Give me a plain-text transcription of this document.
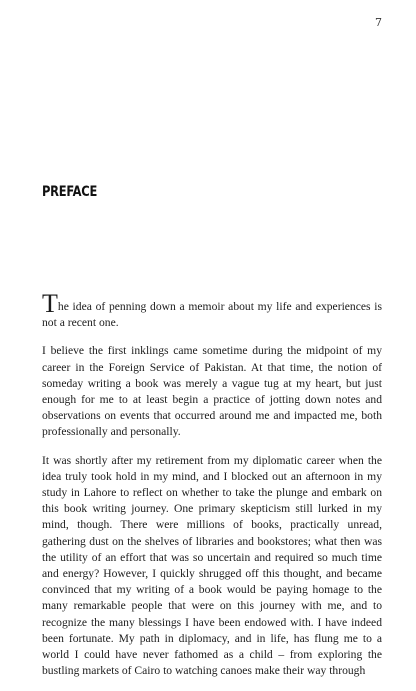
7
PREFACE

The idea of penning down a memoir about my life and experiences is not a recent one.

I believe the first inklings came sometime during the midpoint of my career in the Foreign Service of Pakistan. At that time, the notion of someday writing a book was merely a vague tug at my heart, but just enough for me to at least begin a practice of jotting down notes and observations on events that occurred around me and impacted me, both professionally and personally.

It was shortly after my retirement from my diplomatic career when the idea truly took hold in my mind, and I blocked out an afternoon in my study in Lahore to reflect on whether to take the plunge and embark on this book writing journey. One primary skepticism still lurked in my mind, though. There were millions of books, practically unread, gathering dust on the shelves of libraries and bookstores; what then was the utility of an effort that was so uncertain and required so much time and energy? However, I quickly shrugged off this thought, and became convinced that my writing of a book would be paying homage to the many remarkable people that were on this journey with me, and to recognize the many blessings I have been endowed with. I have indeed been fortunate. My path in diplomacy, and in life, has flung me to a world I could have never fathomed as a child – from exploring the bustling markets of Cairo to watching canoes make their way through
